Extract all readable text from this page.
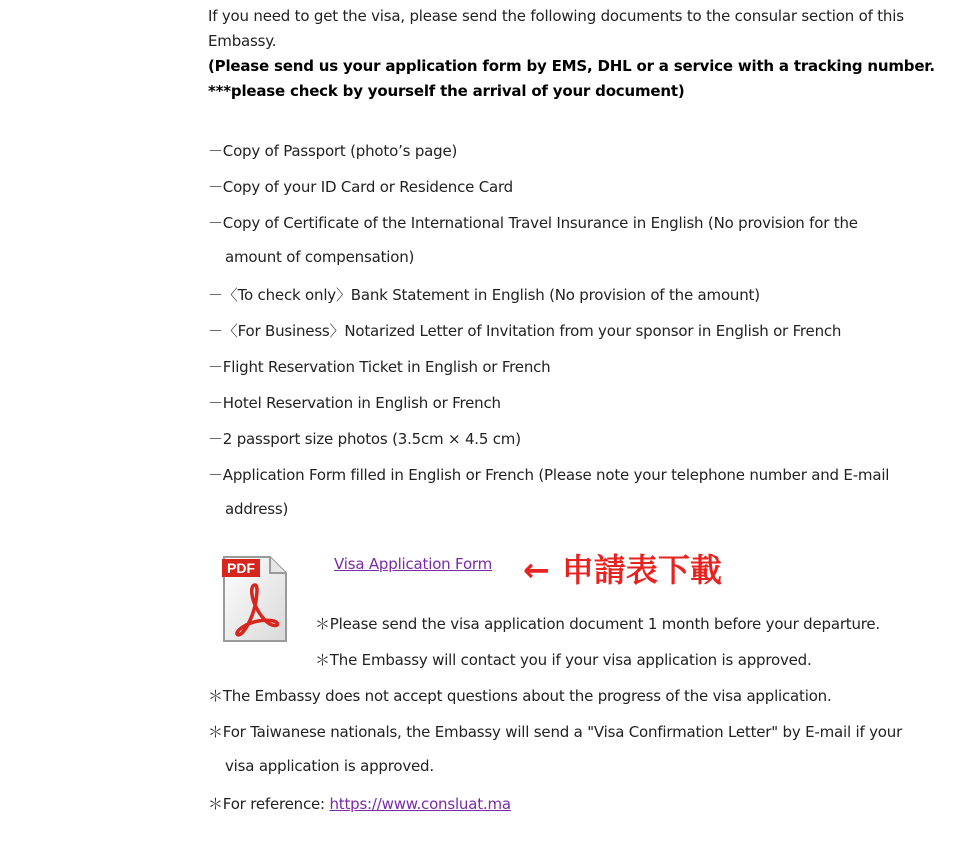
If you need to get the visa, please send the following documents to the consular section of this
Embassy.
(Please send us your application form by EMS, DHL or a service with a tracking number.
***please check by yourself the arrival of your document)
－Copy of Passport (photo’s page)
－Copy of your ID Card or Residence Card
－Copy of Certificate of the International Travel Insurance in English (No provision for the
amount of compensation)
－〈To check only〉Bank Statement in English (No provision of the amount)
－〈For Business〉Notarized Letter of Invitation from your sponsor in English or French
－Flight Reservation Ticket in English or French
－Hotel Reservation in English or French
－2 passport size photos (3.5cm × 4.5 cm)
－Application Form filled in English or French (Please note your telephone number and E-mail
address)
PDF	Visa Application Form ← 申請表下載
＊Please send the visa application document 1 month before your departure.
＊The Embassy will contact you if your visa application is approved.
＊The Embassy does not accept questions about the progress of the visa application.
＊For Taiwanese nationals, the Embassy will send a "Visa Confirmation Letter" by E-mail if your
visa application is approved.
＊For reference: https://www.consluat.ma
